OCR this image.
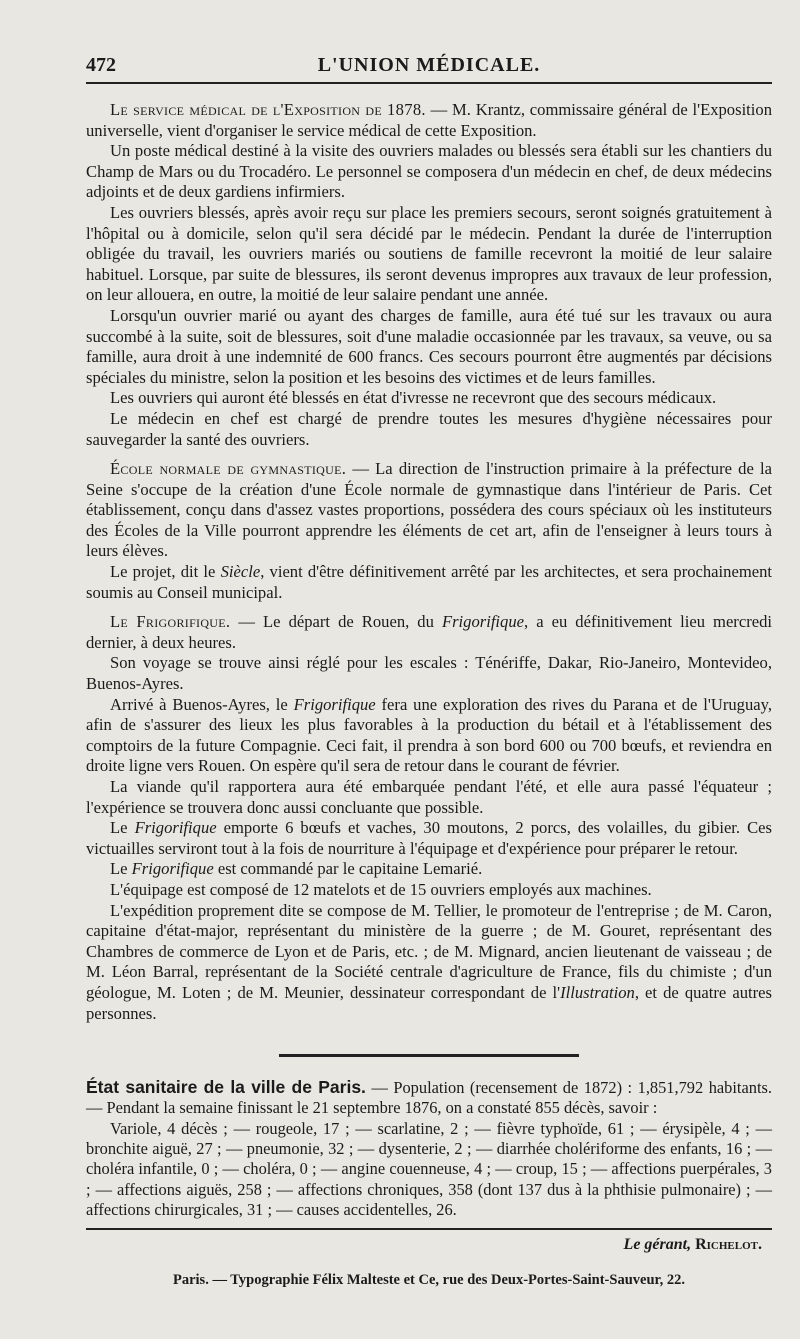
472	L'UNION MÉDICALE.

Le service médical de l'Exposition de 1878. — M. Krantz, commissaire général de l'Exposition universelle, vient d'organiser le service médical de cette Exposition.

Un poste médical destiné à la visite des ouvriers malades ou blessés sera établi sur les chantiers du Champ de Mars ou du Trocadéro. Le personnel se composera d'un médecin en chef, de deux médecins adjoints et de deux gardiens infirmiers.

Les ouvriers blessés, après avoir reçu sur place les premiers secours, seront soignés gratuitement à l'hôpital ou à domicile, selon qu'il sera décidé par le médecin. Pendant la durée de l'interruption obligée du travail, les ouvriers mariés ou soutiens de famille recevront la moitié de leur salaire habituel. Lorsque, par suite de blessures, ils seront devenus impropres aux travaux de leur profession, on leur allouera, en outre, la moitié de leur salaire pendant une année.

Lorsqu'un ouvrier marié ou ayant des charges de famille, aura été tué sur les travaux ou aura succombé à la suite, soit de blessures, soit d'une maladie occasionnée par les travaux, sa veuve, ou sa famille, aura droit à une indemnité de 600 francs. Ces secours pourront être augmentés par décisions spéciales du ministre, selon la position et les besoins des victimes et de leurs familles.

Les ouvriers qui auront été blessés en état d'ivresse ne recevront que des secours médicaux.

Le médecin en chef est chargé de prendre toutes les mesures d'hygiène nécessaires pour sauvegarder la santé des ouvriers.

École normale de gymnastique. — La direction de l'instruction primaire à la préfecture de la Seine s'occupe de la création d'une École normale de gymnastique dans l'intérieur de Paris. Cet établissement, conçu dans d'assez vastes proportions, possédera des cours spéciaux où les instituteurs des Écoles de la Ville pourront apprendre les éléments de cet art, afin de l'enseigner à leurs tours à leurs élèves.

Le projet, dit le Siècle, vient d'être définitivement arrêté par les architectes, et sera prochainement soumis au Conseil municipal.

Le Frigorifique. — Le départ de Rouen, du Frigorifique, a eu définitivement lieu mercredi dernier, à deux heures.

Son voyage se trouve ainsi réglé pour les escales : Ténériffe, Dakar, Rio-Janeiro, Montevideo, Buenos-Ayres.

Arrivé à Buenos-Ayres, le Frigorifique fera une exploration des rives du Parana et de l'Uruguay, afin de s'assurer des lieux les plus favorables à la production du bétail et à l'établissement des comptoirs de la future Compagnie. Ceci fait, il prendra à son bord 600 ou 700 bœufs, et reviendra en droite ligne vers Rouen. On espère qu'il sera de retour dans le courant de février.

La viande qu'il rapportera aura été embarquée pendant l'été, et elle aura passé l'équateur ; l'expérience se trouvera donc aussi concluante que possible.

Le Frigorifique emporte 6 bœufs et vaches, 30 moutons, 2 porcs, des volailles, du gibier. Ces victuailles serviront tout à la fois de nourriture à l'équipage et d'expérience pour préparer le retour.

Le Frigorifique est commandé par le capitaine Lemarié.

L'équipage est composé de 12 matelots et de 15 ouvriers employés aux machines.

L'expédition proprement dite se compose de M. Tellier, le promoteur de l'entreprise ; de M. Caron, capitaine d'état-major, représentant du ministère de la guerre ; de M. Gouret, représentant des Chambres de commerce de Lyon et de Paris, etc. ; de M. Mignard, ancien lieutenant de vaisseau ; de M. Léon Barral, représentant de la Société centrale d'agriculture de France, fils du chimiste ; d'un géologue, M. Loten ; de M. Meunier, dessinateur correspondant de l'Illustration, et de quatre autres personnes.

État sanitaire de la ville de Paris. — Population (recensement de 1872) : 1,851,792 habitants. — Pendant la semaine finissant le 21 septembre 1876, on a constaté 855 décès, savoir :

Variole, 4 décès ; — rougeole, 17 ; — scarlatine, 2 ; — fièvre typhoïde, 61 ; — érysipèle, 4 ; — bronchite aiguë, 27 ; — pneumonie, 32 ; — dysenterie, 2 ; — diarrhée cholériforme des enfants, 16 ; — choléra infantile, 0 ; — choléra, 0 ; — angine couenneuse, 4 ; — croup, 15 ; — affections puerpérales, 3 ; — affections aiguës, 258 ; — affections chroniques, 358 (dont 137 dus à la phthisie pulmonaire) ; — affections chirurgicales, 31 ; — causes accidentelles, 26.

Le gérant, Richelot.
Paris. — Typographie Félix Malteste et Ce, rue des Deux-Portes-Saint-Sauveur, 22.
